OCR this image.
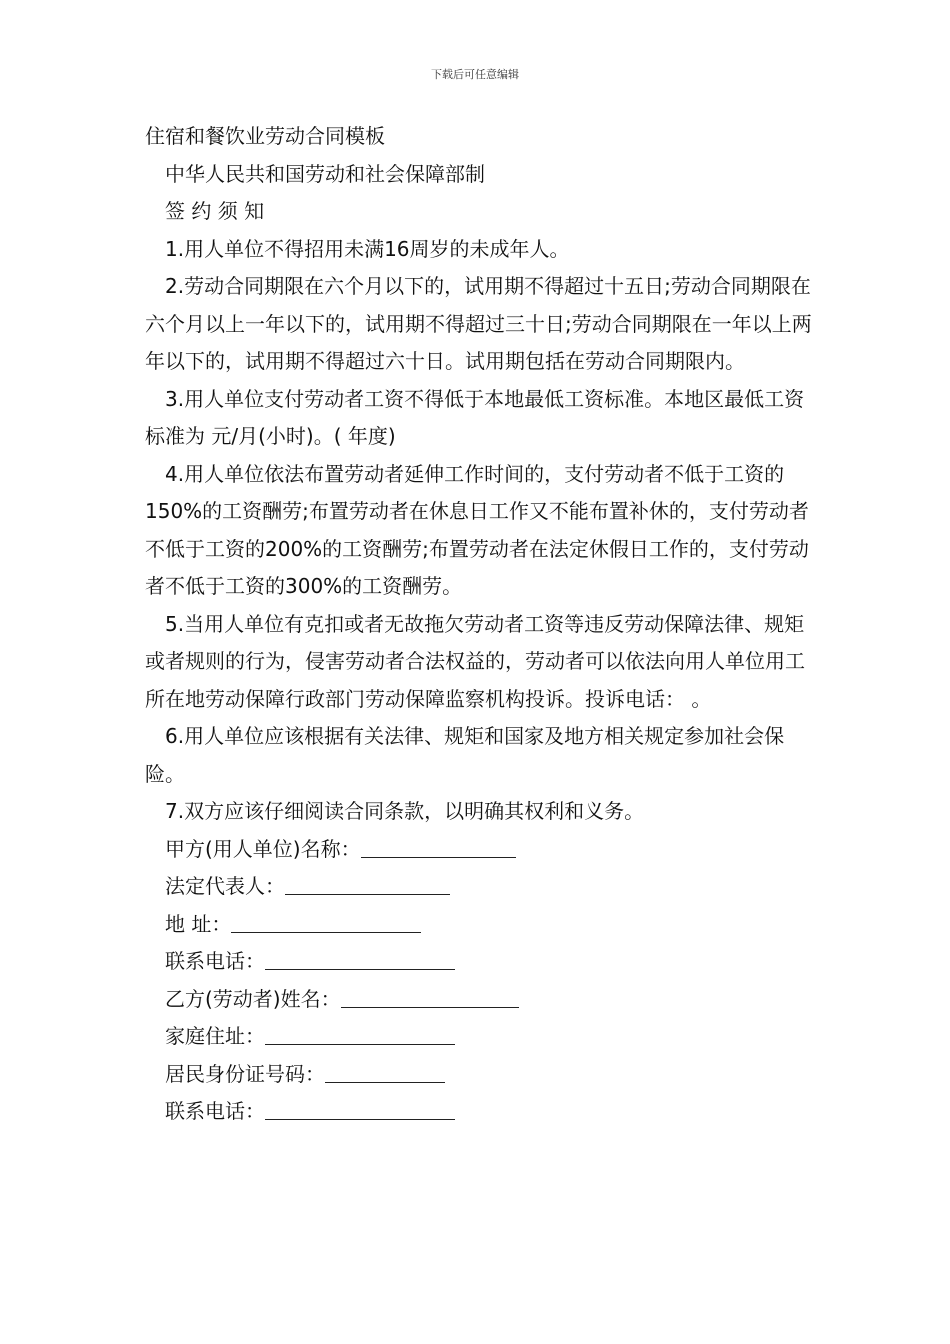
下载后可任意编辑
住宿和餐饮业劳动合同模板
中华人民共和国劳动和社会保障部制
签 约 须 知
1.用人单位不得招用未满16周岁的未成年人。
2.劳动合同期限在六个月以下的，试用期不得超过十五日;劳动合同期限在六个月以上一年以下的，试用期不得超过三十日;劳动合同期限在一年以上两年以下的，试用期不得超过六十日。试用期包括在劳动合同期限内。
3.用人单位支付劳动者工资不得低于本地最低工资标准。本地区最低工资标准为 元/月(小时)。( 年度)
4.用人单位依法布置劳动者延伸工作时间的，支付劳动者不低于工资的150%的工资酬劳;布置劳动者在休息日工作又不能布置补休的，支付劳动者不低于工资的200%的工资酬劳;布置劳动者在法定休假日工作的，支付劳动者不低于工资的300%的工资酬劳。
5.当用人单位有克扣或者无故拖欠劳动者工资等违反劳动保障法律、规矩或者规则的行为，侵害劳动者合法权益的，劳动者可以依法向用人单位用工所在地劳动保障行政部门劳动保障监察机构投诉。投诉电话： 。
6.用人单位应该根据有关法律、规矩和国家及地方相关规定参加社会保险。
7.双方应该仔细阅读合同条款，以明确其权利和义务。
甲方(用人单位)名称：
法定代表人：
地 址：
联系电话：
乙方(劳动者)姓名：
家庭住址：
居民身份证号码：
联系电话：
